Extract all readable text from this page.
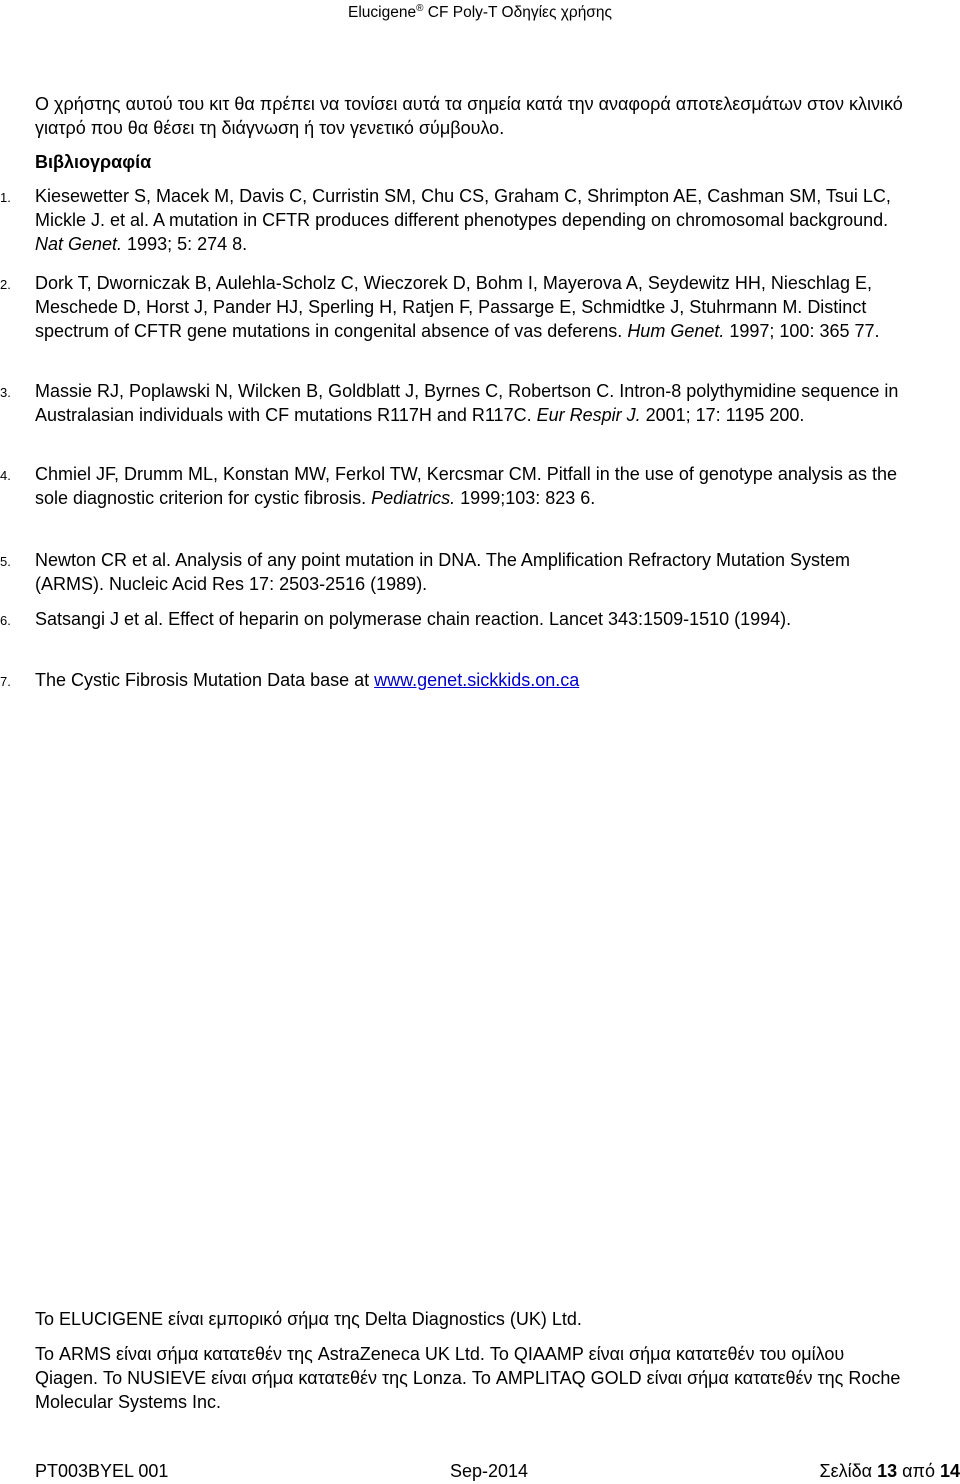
Elucigene® CF Poly-T Οδηγίες χρήσης
Ο χρήστης αυτού του κιτ θα πρέπει να τονίσει αυτά τα σημεία κατά την αναφορά αποτελεσμάτων στον κλινικό γιατρό που θα θέσει τη διάγνωση ή τον γενετικό σύμβουλο.
Βιβλιογραφία
1.	Kiesewetter S, Macek M, Davis C, Curristin SM, Chu CS, Graham C, Shrimpton AE, Cashman SM, Tsui LC, Mickle J. et al. A mutation in CFTR produces different phenotypes depending on chromosomal background. Nat Genet. 1993; 5: 274 8.
2.	Dork T, Dworniczak B, Aulehla-Scholz C, Wieczorek D, Bohm I, Mayerova A, Seydewitz HH, Nieschlag E, Meschede D, Horst J, Pander HJ, Sperling H, Ratjen F, Passarge E, Schmidtke J, Stuhrmann M. Distinct spectrum of CFTR gene mutations in congenital absence of vas deferens. Hum Genet. 1997; 100: 365 77.
3.	Massie RJ, Poplawski N, Wilcken B, Goldblatt J, Byrnes C, Robertson C. Intron-8 polythymidine sequence in Australasian individuals with CF mutations R117H and R117C. Eur Respir J. 2001; 17: 1195 200.
4.	Chmiel JF, Drumm ML, Konstan MW, Ferkol TW, Kercsmar CM. Pitfall in the use of genotype analysis as the sole diagnostic criterion for cystic fibrosis. Pediatrics. 1999;103: 823 6.
5.	Newton CR et al. Analysis of any point mutation in DNA. The Amplification Refractory Mutation System (ARMS). Nucleic Acid Res 17: 2503-2516 (1989).
6.	Satsangi J et al. Effect of heparin on polymerase chain reaction. Lancet 343:1509-1510 (1994).
7.	The Cystic Fibrosis Mutation Data base at www.genet.sickkids.on.ca
Το ELUCIGENE είναι εμπορικό σήμα της Delta Diagnostics (UK) Ltd.
Το ARMS είναι σήμα κατατεθέν της AstraZeneca UK Ltd. Το QIAAMP είναι σήμα κατατεθέν του ομίλου Qiagen. Το NUSIEVE είναι σήμα κατατεθέν της Lonza. Το AMPLITAQ GOLD είναι σήμα κατατεθέν της Roche Molecular Systems Inc.
PT003BYEL 001	Sep-2014	Σελίδα 13 από 14
